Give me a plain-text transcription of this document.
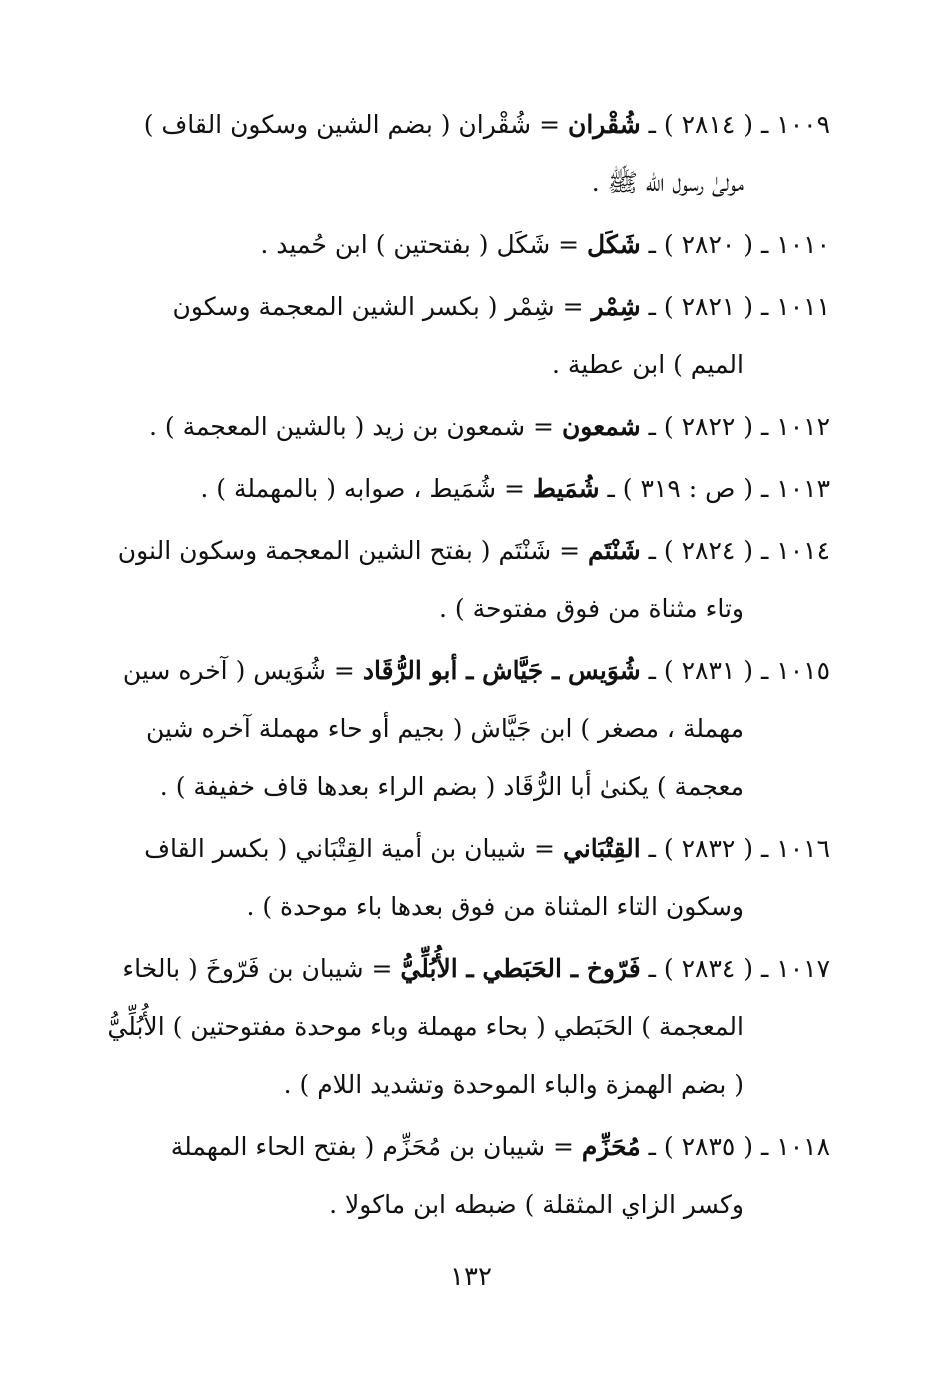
١٠٠٩ ـ ( ٢٨١٤ ) ـ شُقْران = شُقْران ( بضم الشين وسكون القاف )
مولىٰ رسول الله ﷺ .
١٠١٠ ـ ( ٢٨٢٠ ) ـ شَكَل = شَكَل ( بفتحتين ) ابن حُميد .
١٠١١ ـ ( ٢٨٢١ ) ـ شِمْر = شِمْر ( بكسر الشين المعجمة وسكون
الميم ) ابن عطية .
١٠١٢ ـ ( ٢٨٢٢ ) ـ شمعون = شمعون بن زيد ( بالشين المعجمة ) .
١٠١٣ ـ ( ص : ٣١٩ ) ـ شُمَيط = شُمَيط ، صوابه ( بالمهملة ) .
١٠١٤ ـ ( ٢٨٢٤ ) ـ شَنْتَم = شَنْتَم ( بفتح الشين المعجمة وسكون النون
وتاء مثناة من فوق مفتوحة ) .
١٠١٥ ـ ( ٢٨٣١ ) ـ شُوَيس ـ جَيَّاش ـ أبو الرُّقَاد = شُوَيس ( آخره سين
مهملة ، مصغر ) ابن جَيَّاش ( بجيم أو حاء مهملة آخره شين
معجمة ) يكنىٰ أبا الرُّقَاد ( بضم الراء بعدها قاف خفيفة ) .
١٠١٦ ـ ( ٢٨٣٢ ) ـ القِتْبَاني = شيبان بن أمية القِتْبَاني ( بكسر القاف
وسكون التاء المثناة من فوق بعدها باء موحدة ) .
١٠١٧ ـ ( ٢٨٣٤ ) ـ فَرّوخ ـ الحَبَطي ـ الأُبُلِّيُّ = شيبان بن فَرّوخَ ( بالخاء
المعجمة ) الحَبَطي ( بحاء مهملة وباء موحدة مفتوحتين ) الأُبُلِّيُّ
( بضم الهمزة والباء الموحدة وتشديد اللام ) .
١٠١٨ ـ ( ٢٨٣٥ ) ـ مُحَزِّم = شيبان بن مُحَزِّم ( بفتح الحاء المهملة
وكسر الزاي المثقلة ) ضبطه ابن ماكولا .
١٣٢
